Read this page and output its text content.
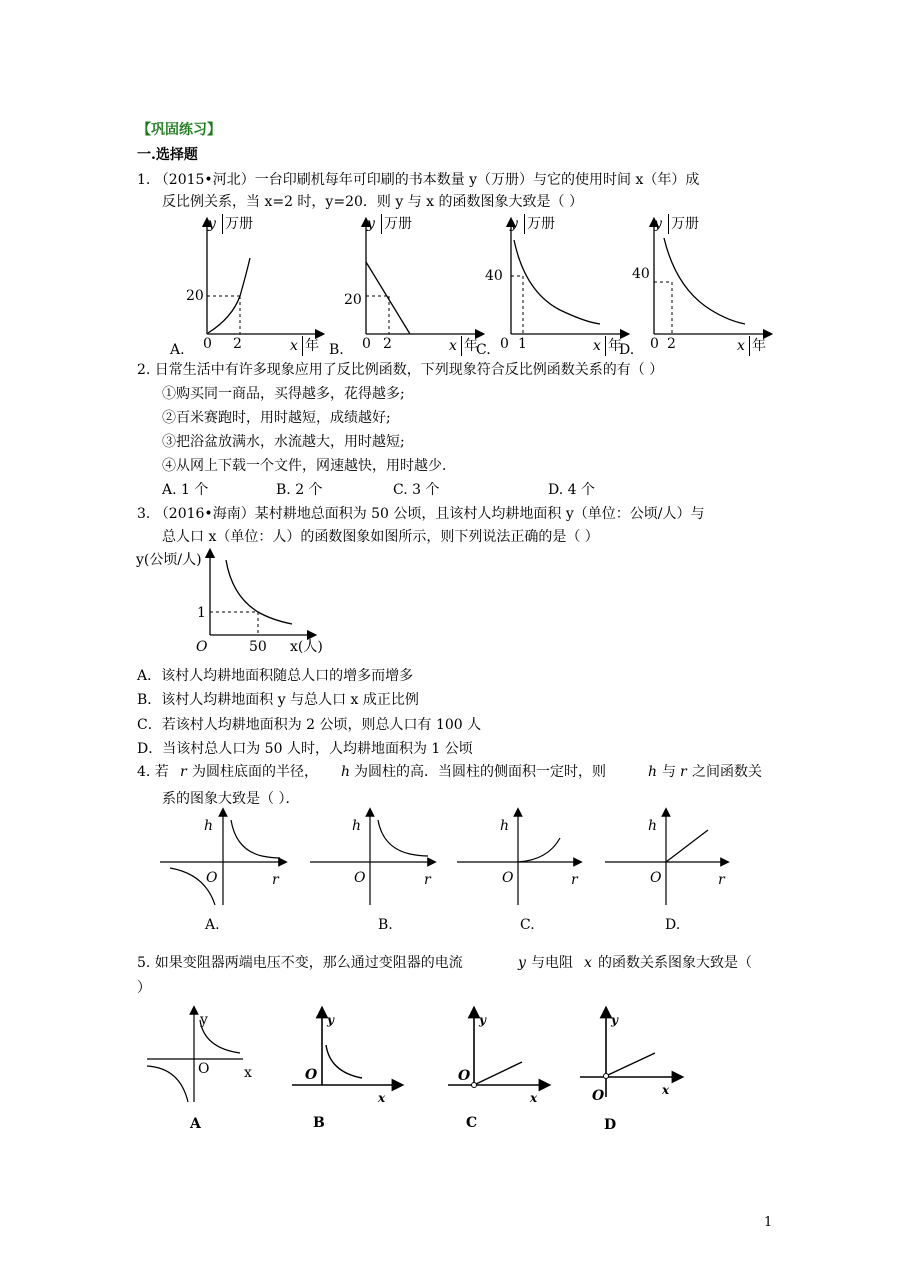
【巩固练习】
一.选择题
1. （2015•河北）一台印刷机每年可印刷的书本数量 y（万册）与它的使用时间 x（年）成
反比例关系，当 x=2 时，y=20．则 y 与 x 的函数图象大致是（ ）
y 万册
20
0 2
A.	x 年
y 万册
20
0 2	x 年
B.
y 万册
40
0 1	x 年
C.
y 万册
40
0 2	x 年
D.
2. 日常生活中有许多现象应用了反比例函数，下列现象符合反比例函数关系的有（ ）
①购买同一商品，买得越多，花得越多;
②百米赛跑时，用时越短，成绩越好;
③把浴盆放满水，水流越大，用时越短;
④从网上下载一个文件，网速越快，用时越少．
A. 1 个	B. 2 个	C. 3 个	D. 4 个
3. （2016•海南）某村耕地总面积为 50 公顷，且该村人均耕地面积 y（单位：公顷/人）与
总人口 x（单位：人）的函数图象如图所示，则下列说法正确的是（ ）
y(公顷/人)
1
O	50 x(人)
A．该村人均耕地面积随总人口的增多而增多
B．该村人均耕地面积 y 与总人口 x 成正比例
C．若该村人均耕地面积为 2 公顷，则总人口有 100 人
D．当该村总人口为 50 人时，人均耕地面积为 1 公顷
4. 若 r 为圆柱底面的半径， h 为圆柱的高．当圆柱的侧面积一定时，则	h 与 r 之间函数关
系的图象大致是（ ）．
h
O	r
A.
h
O	r
B.
h
O	r
C.
h
O	r
D.
5. 如果变阻器两端电压不变，那么通过变阻器的电流	y 与电阻 x 的函数关系图象大致是（
）
y
O x
A
y
O
x
B
y
O
x
C
y
O	x
D
1
